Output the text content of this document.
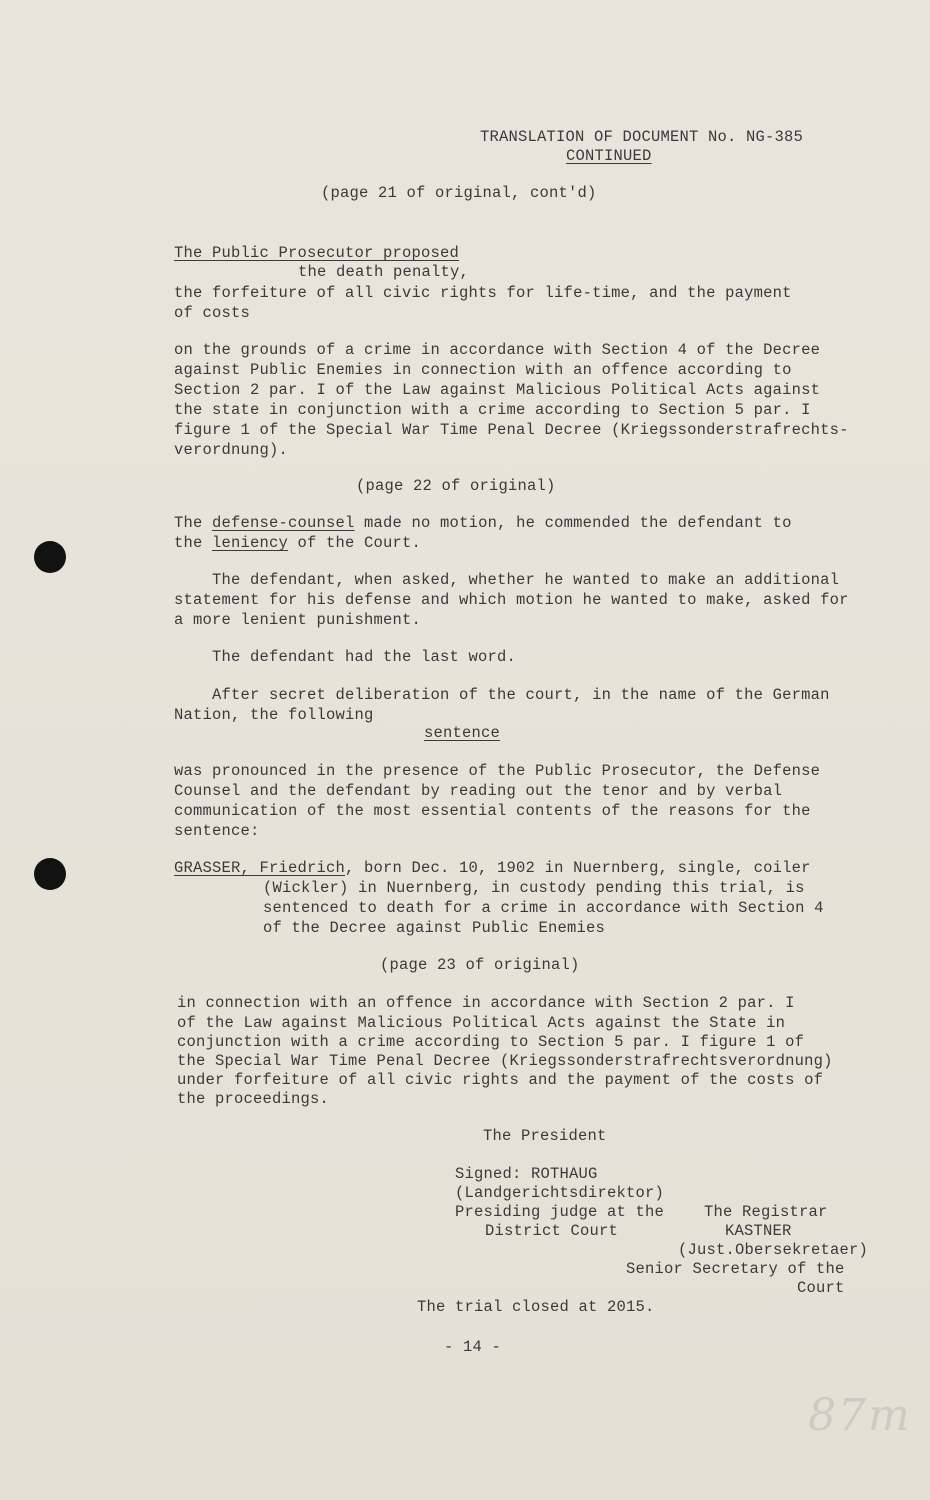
TRANSLATION OF DOCUMENT No. NG-385
CONTINUED
(page 21 of original, cont'd)
The Public Prosecutor proposed
the death penalty,
the forfeiture of all civic rights for life-time, and the payment
of costs
on the grounds of a crime in accordance with Section 4 of the Decree
against Public Enemies in connection with an offence according to
Section 2 par. I of the Law against Malicious Political Acts against
the state in conjunction with a crime according to Section 5 par. I
figure 1 of the Special War Time Penal Decree (Kriegssonderstrafrechts-
verordnung).
(page 22 of original)
The defense-counsel made no motion, he commended the defendant to
the leniency of the Court.
The defendant, when asked, whether he wanted to make an additional
statement for his defense and which motion he wanted to make, asked for
a more lenient punishment.
The defendant had the last word.
After secret deliberation of the court, in the name of the German
Nation, the following
sentence
was pronounced in the presence of the Public Prosecutor, the Defense
Counsel and the defendant by reading out the tenor and by verbal
communication of the most essential contents of the reasons for the
sentence:
GRASSER, Friedrich, born Dec. 10, 1902 in Nuernberg, single, coiler
(Wickler) in Nuernberg, in custody pending this trial, is
sentenced to death for a crime in accordance with Section 4
of the Decree against Public Enemies
(page 23 of original)
in connection with an offence in accordance with Section 2 par. I
of the Law against Malicious Political Acts against the State in
conjunction with a crime according to Section 5 par. I figure 1 of
the Special War Time Penal Decree (Kriegssonderstrafrechtsverordnung)
under forfeiture of all civic rights and the payment of the costs of
the proceedings.
The President
Signed: ROTHAUG
(Landgerichtsdirektor)
Presiding judge at the
District Court
The Registrar
KASTNER
(Just.Obersekretaer)
Senior Secretary of the
Court
The trial closed at 2015.
- 14 -
87m
